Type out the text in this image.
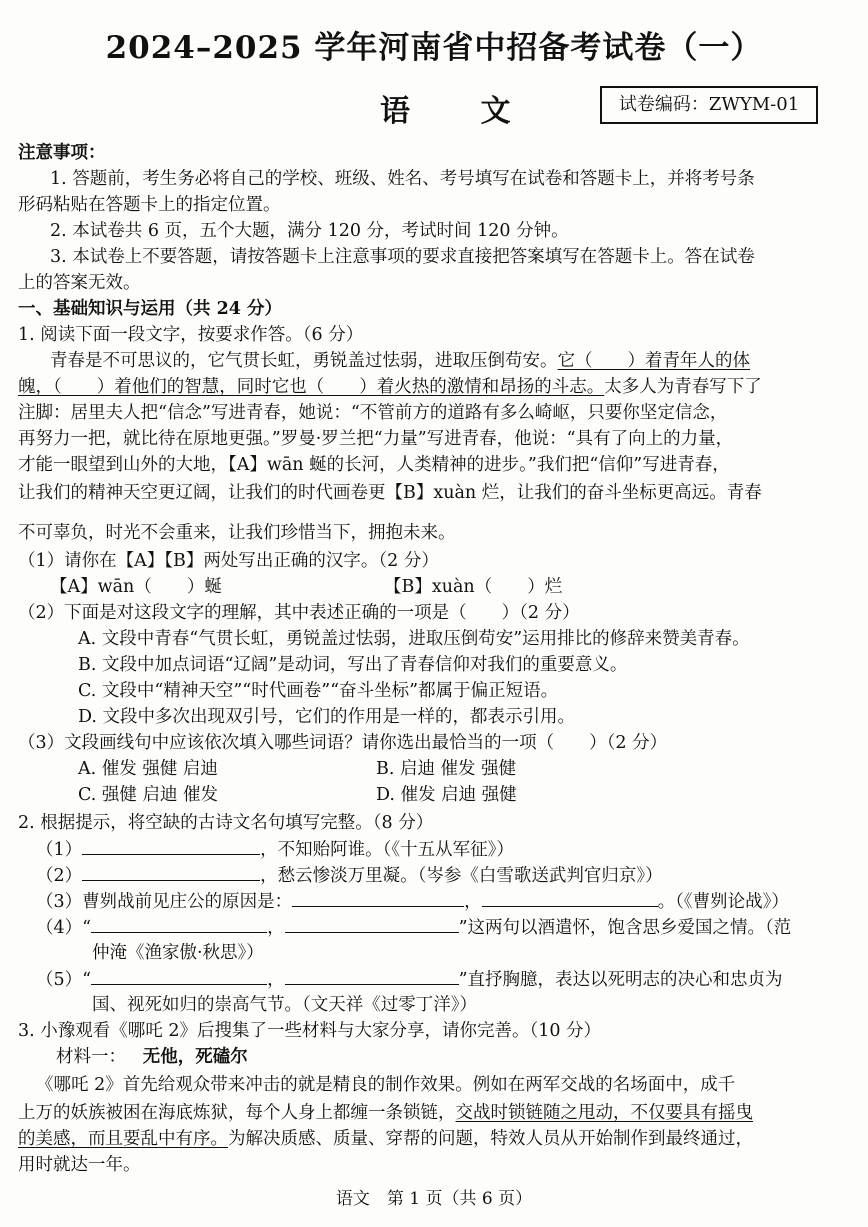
2024–2025 学年河南省中招备考试卷（一）
语 文	试卷编码：ZWYM-01
注意事项：
1. 答题前，考生务必将自己的学校、班级、姓名、考号填写在试卷和答题卡上，并将考号条
形码粘贴在答题卡上的指定位置。
2. 本试卷共 6 页，五个大题，满分 120 分，考试时间 120 分钟。
3. 本试卷上不要答题，请按答题卡上注意事项的要求直接把答案填写在答题卡上。答在试卷
上的答案无效。
一、基础知识与运用（共 24 分）
1. 阅读下面一段文字，按要求作答。（6 分）
青春是不可思议的，它气贯长虹，勇锐盖过怯弱，进取压倒苟安。它（　　）着青年人的体
魄，（　　）着他们的智慧，同时它也（　　）着火热的激情和昂扬的斗志。太多人为青春写下了
注脚：居里夫人把“信念”写进青春，她说：“不管前方的道路有多么崎岖，只要你坚定信念，
再努力一把，就比待在原地更强。”罗曼·罗兰把“力量”写进青春，他说：“具有了向上的力量，
才能一眼望到山外的大地，【A】wān 蜒的长河，人类精神的进步。”我们把“信仰”写进青春，
让我们的精神天空更辽阔，让我们的时代画卷更【B】xuàn 烂，让我们的奋斗坐标更高远。青春
不可辜负，时光不会重来，让我们珍惜当下，拥抱未来。
（1）请你在【A】【B】两处写出正确的汉字。（2 分）
【A】wān（　　）蜒	【B】xuàn（　　）烂
（2）下面是对这段文字的理解，其中表述正确的一项是（　　）（2 分）
A. 文段中青春“气贯长虹，勇锐盖过怯弱，进取压倒苟安”运用排比的修辞来赞美青春。
B. 文段中加点词语“辽阔”是动词，写出了青春信仰对我们的重要意义。
C. 文段中“精神天空”“时代画卷”“奋斗坐标”都属于偏正短语。
D. 文段中多次出现双引号，它们的作用是一样的，都表示引用。
（3）文段画线句中应该依次填入哪些词语？请你选出最恰当的一项（　　）（2 分）
A. 催发 强健 启迪	B. 启迪 催发 强健
C. 强健 启迪 催发	D. 催发 启迪 强健
2. 根据提示，将空缺的古诗文名句填写完整。（8 分）
（1）	，不知贻阿谁。（《十五从军征》）
（2）	，愁云惨淡万里凝。（岑参《白雪歌送武判官归京》）
（3）曹刿战前见庄公的原因是：	，	。（《曹刿论战》）
（4）“	，	”这两句以酒遣怀，饱含思乡爱国之情。（范
仲淹《渔家傲·秋思》）
（5）“	，	”直抒胸臆，表达以死明志的决心和忠贞为
国、视死如归的崇高气节。（文天祥《过零丁洋》）
3. 小豫观看《哪吒 2》后搜集了一些材料与大家分享，请你完善。（10 分）
材料一： 无他，死磕尔
《哪吒 2》首先给观众带来冲击的就是精良的制作效果。例如在两军交战的名场面中，成千
上万的妖族被困在海底炼狱，每个人身上都缠一条锁链，交战时锁链随之甩动，不仅要具有摇曳
的美感，而且要乱中有序。为解决质感、质量、穿帮的问题，特效人员从开始制作到最终通过，
用时就达一年。
语文　第 1 页（共 6 页）
